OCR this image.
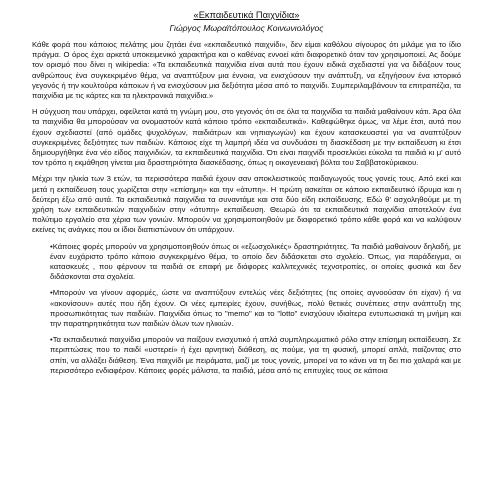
«Εκπαιδευτικά Παιχνίδια»
Γιώργος Μωραϊτόπουλος Κοινωνιολόγος

Κάθε φορά που κάποιος πελάτης μου ζητάει ένα «εκπαιδευτικό παιχνίδι», δεν είμαι καθόλου σίγουρος ότι μιλάμε για το ίδιο πράγμα. Ο όρος έχει αρκετά υποκειμενικό χαρακτήρα και ο καθένας εννοεί κάτι διαφορετικό όταν τον χρησιμοποιεί. Ας δούμε τον ορισμό που δίνει η wikipedia: «Τα εκπαιδευτικά παιχνίδια είναι αυτά που έχουν ειδικά σχεδιαστεί για να διδάξουν τους ανθρώπους ένα συγκεκριμένο θέμα, να αναπτύξουν μια έννοια, να ενισχύσουν την ανάπτυξη, να εξηγήσουν ένα ιστορικό γεγονός ή την κουλτούρα κάποιων ή να ενισχύσουν μια δεξιότητα μέσα από το παιχνίδι. Συμπεριλαμβάνουν τα επιτραπέζια, τα παιχνίδια με τις κάρτες και τα ηλεκτρονικά παιχνίδια.»

Η σύγχυση που υπάρχει, οφείλεται κατά τη γνώμη μου, στο γεγονός ότι σε όλα τα παιχνίδια τα παιδιά μαθαίνουν κάτι. Άρα όλα τα παιχνίδια θα μπορούσαν να ονομαστούν κατά κάποιο τρόπο «εκπαιδευτικά». Καθεφώθηκε όμως, να λέμε έτσι, αυτά που έχουν σχεδιαστεί (από ομάδες ψυχολόγων, παιδιάτρων και νηπιαγωγών) και έχουν κατασκευαστεί για να αναπτύξουν συγκεκριμένες δεξιότητες των παιδιών. Κάποιος είχε τη λαμπρή ιδέα να συνδυάσει τη διασκέδαση με την εκπαίδευση κι έτσι δημιουργήθηκε ένα νέο είδος παιχνιδιών, τα εκπαιδευτικά παιχνίδια. Ότι είναι παιχνίδι προσελκύει εύκολα τα παιδιά κι μ' αυτό τον τρόπο η εκμάθηση γίνεται μια δραστηριότητα διασκέδασης, όπως η οικογενειακή βόλτα του Σαββατοκύριακου.

Μέχρι την ηλικία των 3 ετών, τα περισσότερα παιδιά έχουν σαν αποκλειστικούς παιδαγωγούς τους γονείς τους. Από εκεί και μετά η εκπαίδευση τους χωρίζεται στην «επίσημη» και την «άτυπη». Η πρώτη ασκείται σε κάποιο εκπαιδευτικό ίδρυμα και η δεύτερη έξω από αυτά. Τα εκπαιδευτικά παιχνίδια τα συναντάμε και στα δύο είδη εκπαίδευσης. Εδώ θ' ασχοληθούμε με τη χρήση των εκπαιδευτικών παιχνιδιών στην «άτυπη» εκπαίδευση. Θεωρώ ότι τα εκπαιδευτικά παιχνίδια αποτελούν ένα πολύτιμο εργαλείο στα χέρια των γονιών. Μπορούν να χρησιμοποιηθούν με διαφορετικό τρόπο κάθε φορά και να καλύψουν εκείνες τις ανάγκες που οι ίδιοι διαπιστώνουν ότι υπάρχουν.

•Κάποιες φορές μπορούν να χρησιμοποιηθούν όπως οι «εξωσχολικές» δραστηριότητες. Τα παιδιά μαθαίνουν δηλαδή, με έναν ευχάριστο τρόπο κάποιο συγκεκριμένο θέμα, το οποίο δεν διδάσκεται στο σχολείο. Όπως, για παράδειγμα, οι κατασκευές , που φέρνουν τα παιδιά σε επαφή με διάφορες καλλιτεχνικές τεχνοτροπίες, οι οποίες φυσικά και δεν διδάσκονται στα σχολεία.

•Μπορούν να γίνουν αφορμές, ώστε να αναπτύξουν εντελώς νέες δεξιότητες (τις οποίες αγνοούσαν ότι είχαν) ή να «ακονίσουν» αυτές που ήδη έχουν. Οι νέες εμπειρίες έχουν, συνήθως, πολύ θετικές συνέπειες στην ανάπτυξη της προσωπικότητας των παιδιών. Παιχνίδια όπως το "memo" και το "lotto" ενισχύουν ιδιαίτερα εντυπωσιακά τη μνήμη και την παρατηρητικότητα των παιδιών όλων των ηλικιών.

•Τα εκπαιδευτικά παιχνίδια μπορούν να παίξουν ενισχυτικό ή απλά συμπληρωματικό ρόλο στην επίσημη εκπαίδευση. Σε περιπτώσεις που το παιδί «υστερεί» ή έχει αρνητική διάθεση, ας πούμε, για τη φυσική, μπορεί απλά, παίζοντας στο σπίτι, να αλλάξει διάθεση. Ένα παιχνίδι με πειράματα, μαζί με τους γονείς, μπορεί να το κάνει να τη δει πιο χαλαρά και με περισσότερο ενδιαφέρον. Κάποιες φορές μάλιστα, τα παιδιά, μέσα από τις επιτυχίες τους σε κάποια
